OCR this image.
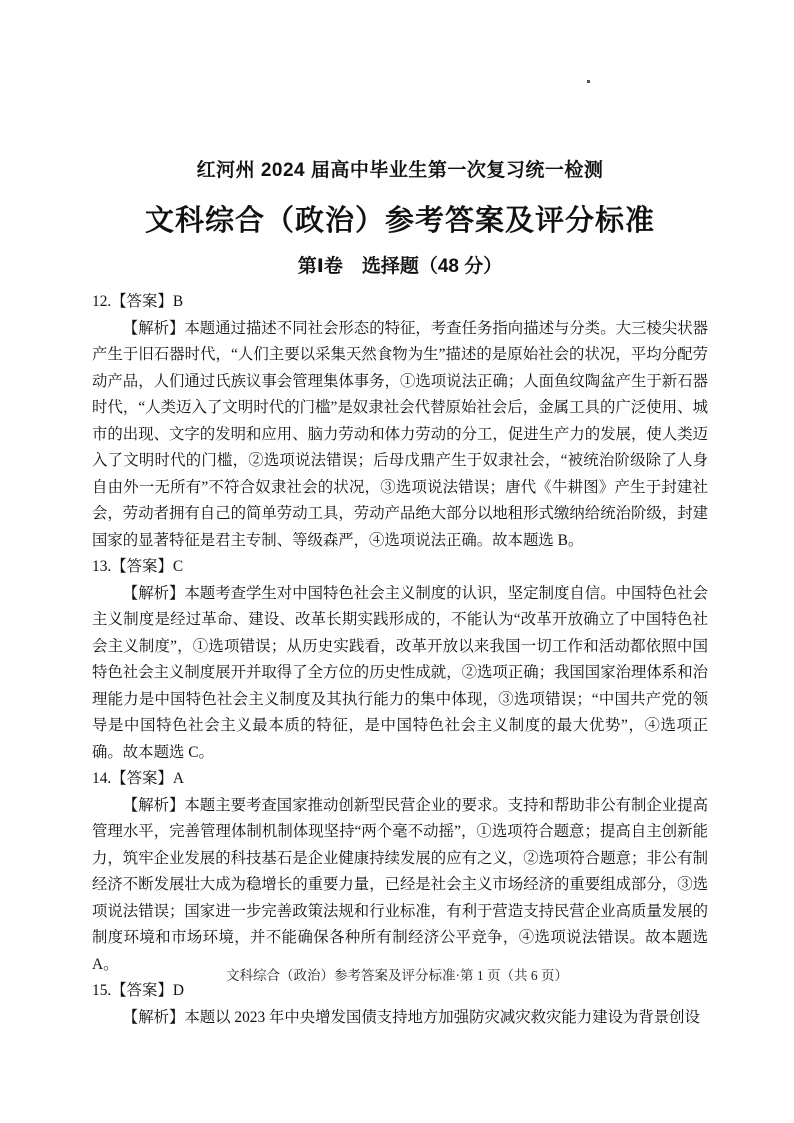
红河州 2024 届高中毕业生第一次复习统一检测
文科综合（政治）参考答案及评分标准
第Ⅰ卷　选择题（48 分）

12.【答案】B

【解析】本题通过描述不同社会形态的特征，考查任务指向描述与分类。大三棱尖状器产生于旧石器时代，“人们主要以采集天然食物为生”描述的是原始社会的状况，平均分配劳动产品，人们通过氏族议事会管理集体事务，①选项说法正确；人面鱼纹陶盆产生于新石器时代，“人类迈入了文明时代的门槛”是奴隶社会代替原始社会后，金属工具的广泛使用、城市的出现、文字的发明和应用、脑力劳动和体力劳动的分工，促进生产力的发展，使人类迈入了文明时代的门槛，②选项说法错误；后母戊鼎产生于奴隶社会，“被统治阶级除了人身自由外一无所有”不符合奴隶社会的状况，③选项说法错误；唐代《牛耕图》产生于封建社会，劳动者拥有自己的简单劳动工具，劳动产品绝大部分以地租形式缴纳给统治阶级，封建国家的显著特征是君主专制、等级森严，④选项说法正确。故本题选 B。

13.【答案】C

【解析】本题考查学生对中国特色社会主义制度的认识，坚定制度自信。中国特色社会主义制度是经过革命、建设、改革长期实践形成的，不能认为“改革开放确立了中国特色社会主义制度”，①选项错误；从历史实践看，改革开放以来我国一切工作和活动都依照中国特色社会主义制度展开并取得了全方位的历史性成就，②选项正确；我国国家治理体系和治理能力是中国特色社会主义制度及其执行能力的集中体现，③选项错误；“中国共产党的领导是中国特色社会主义最本质的特征，是中国特色社会主义制度的最大优势”，④选项正确。故本题选 C。

14.【答案】A

【解析】本题主要考查国家推动创新型民营企业的要求。支持和帮助非公有制企业提高管理水平，完善管理体制机制体现坚持“两个毫不动摇”，①选项符合题意；提高自主创新能力，筑牢企业发展的科技基石是企业健康持续发展的应有之义，②选项符合题意；非公有制经济不断发展壮大成为稳增长的重要力量，已经是社会主义市场经济的重要组成部分，③选项说法错误；国家进一步完善政策法规和行业标准，有利于营造支持民营企业高质量发展的制度环境和市场环境，并不能确保各种所有制经济公平竞争，④选项说法错误。故本题选 A。

15.【答案】D

【解析】本题以 2023 年中央增发国债支持地方加强防灾减灾救灾能力建设为背景创设

文科综合（政治）参考答案及评分标准·第 1 页（共 6 页）
